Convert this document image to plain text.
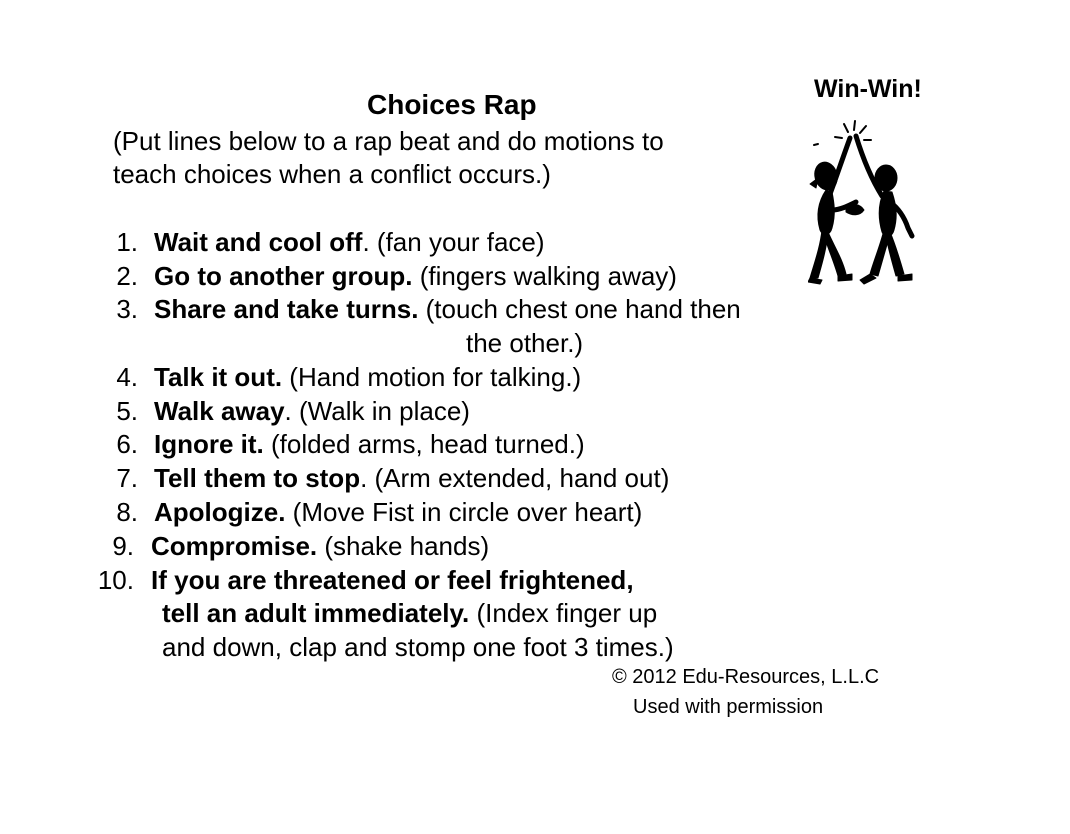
Choices Rap	Win-Win!
(Put lines below to a rap beat and do motions to
teach choices when a conflict occurs.)
1. Wait and cool off. (fan your face)
2. Go to another group. (fingers walking away)
3. Share and take turns. (touch chest one hand then
the other.)
4. Talk it out. (Hand motion for talking.)
5. Walk away. (Walk in place)
6. Ignore it. (folded arms, head turned.)
7. Tell them to stop. (Arm extended, hand out)
8. Apologize. (Move Fist in circle over heart)
9. Compromise. (shake hands)
10. If you are threatened or feel frightened,
tell an adult immediately. (Index finger up
and down, clap and stomp one foot 3 times.)
© 2012 Edu-Resources, L.L.C
Used with permission
